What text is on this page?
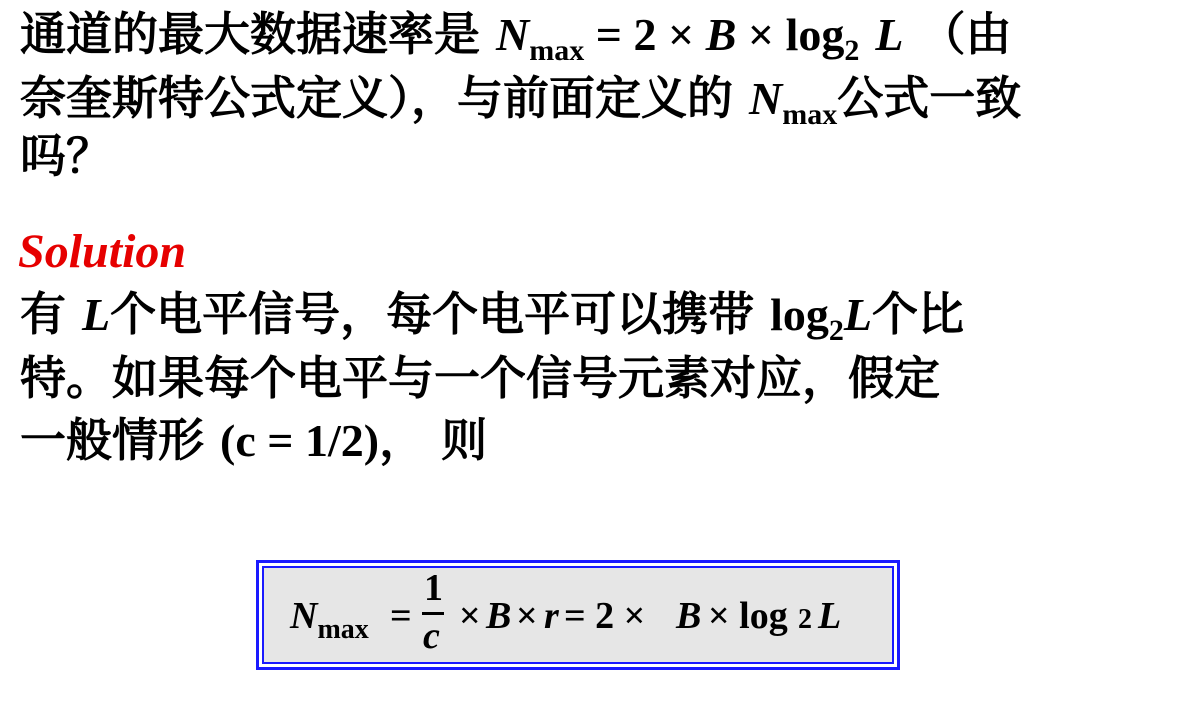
通道的最大数据速率是 $N_{max} = 2 \times B \times \log_2 L$ （由
奈奎斯特公式定义），与前面定义的 $N_{max}$公式一致
吗？
Solution
有 L个电平信号，每个电平可以携带 $\log_2L$个比
特。如果每个电平与一个信号元素对应，假定
一般情形 (c = 1/2)， 则
$N_{max}$ =
1
c × B × r = 2 × B × log 2 L
